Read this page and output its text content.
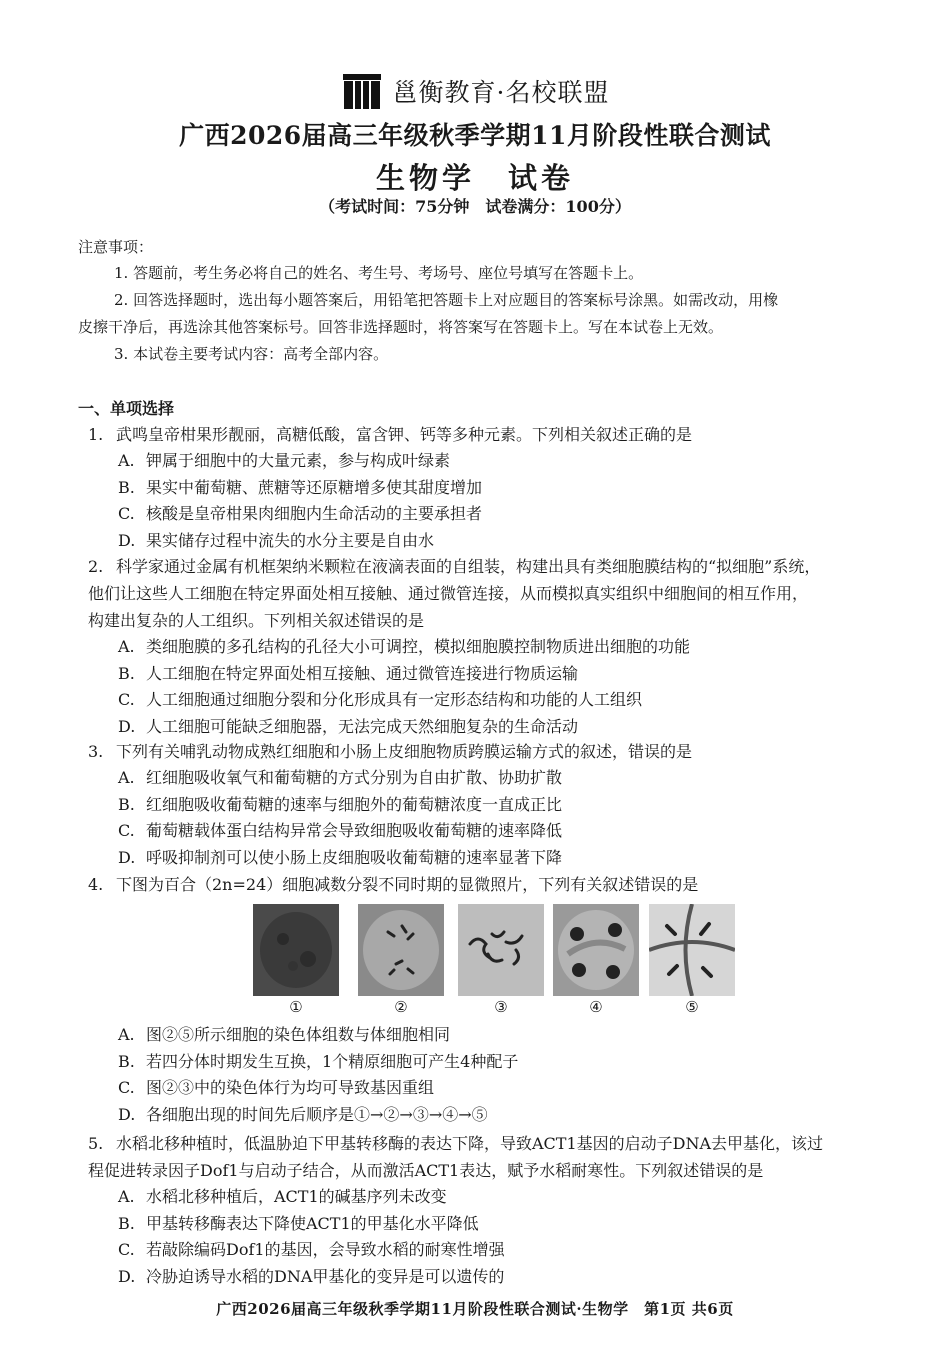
邕衡教育·名校联盟
广西2026届高三年级秋季学期11月阶段性联合测试
生物学　试卷
（考试时间：75分钟　试卷满分：100分）
注意事项：
1. 答题前，考生务必将自己的姓名、考生号、考场号、座位号填写在答题卡上。
2. 回答选择题时，选出每小题答案后，用铅笔把答题卡上对应题目的答案标号涂黑。如需改动，用橡
皮擦干净后，再选涂其他答案标号。回答非选择题时，将答案写在答题卡上。写在本试卷上无效。
3. 本试卷主要考试内容：高考全部内容。
一、单项选择
1. 武鸣皇帝柑果形靓丽，高糖低酸，富含钾、钙等多种元素。下列相关叙述正确的是
A. 钾属于细胞中的大量元素，参与构成叶绿素
B. 果实中葡萄糖、蔗糖等还原糖增多使其甜度增加
C. 核酸是皇帝柑果肉细胞内生命活动的主要承担者
D. 果实储存过程中流失的水分主要是自由水
2. 科学家通过金属有机框架纳米颗粒在液滴表面的自组装，构建出具有类细胞膜结构的“拟细胞”系统，
他们让这些人工细胞在特定界面处相互接触、通过微管连接，从而模拟真实组织中细胞间的相互作用，
构建出复杂的人工组织。下列相关叙述错误的是
A. 类细胞膜的多孔结构的孔径大小可调控，模拟细胞膜控制物质进出细胞的功能
B. 人工细胞在特定界面处相互接触、通过微管连接进行物质运输
C. 人工细胞通过细胞分裂和分化形成具有一定形态结构和功能的人工组织
D. 人工细胞可能缺乏细胞器，无法完成天然细胞复杂的生命活动
3. 下列有关哺乳动物成熟红细胞和小肠上皮细胞物质跨膜运输方式的叙述，错误的是
A. 红细胞吸收氧气和葡萄糖的方式分别为自由扩散、协助扩散
B. 红细胞吸收葡萄糖的速率与细胞外的葡萄糖浓度一直成正比
C. 葡萄糖载体蛋白结构异常会导致细胞吸收葡萄糖的速率降低
D. 呼吸抑制剂可以使小肠上皮细胞吸收葡萄糖的速率显著下降
4. 下图为百合（2n=24）细胞减数分裂不同时期的显微照片，下列有关叙述错误的是
①	②	③	④	⑤
A. 图②⑤所示细胞的染色体组数与体细胞相同
B. 若四分体时期发生互换，1个精原细胞可产生4种配子
C. 图②③中的染色体行为均可导致基因重组
D. 各细胞出现的时间先后顺序是①→②→③→④→⑤
5. 水稻北移种植时，低温胁迫下甲基转移酶的表达下降，导致ACT1基因的启动子DNA去甲基化，该过
程促进转录因子Dof1与启动子结合，从而激活ACT1表达，赋予水稻耐寒性。下列叙述错误的是
A. 水稻北移种植后，ACT1的碱基序列未改变
B. 甲基转移酶表达下降使ACT1的甲基化水平降低
C. 若敲除编码Dof1的基因，会导致水稻的耐寒性增强
D. 冷胁迫诱导水稻的DNA甲基化的变异是可以遗传的
广西2026届高三年级秋季学期11月阶段性联合测试·生物学　第1页 共6页
